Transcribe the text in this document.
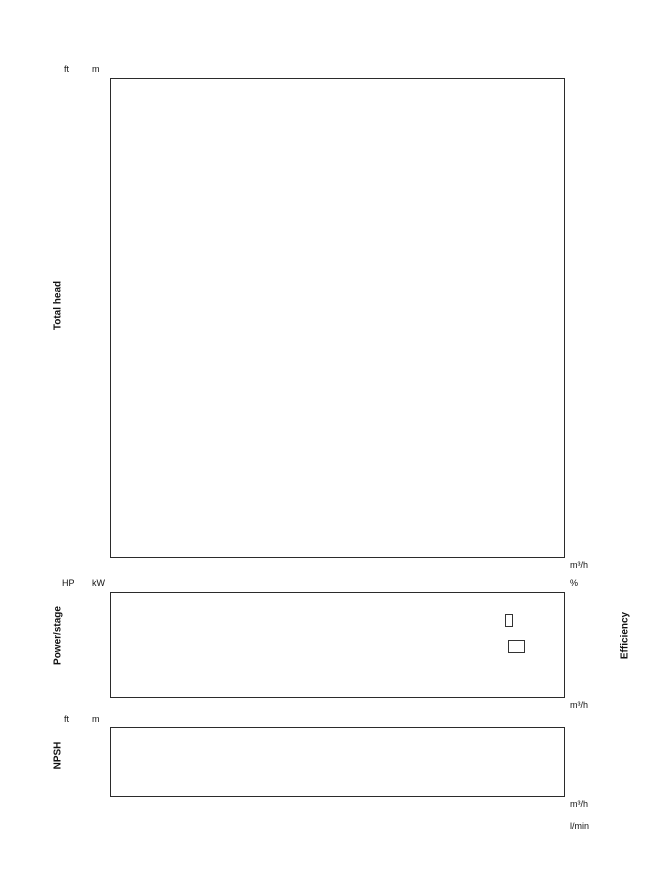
ft	m
Total head
m³/h
HP kW	%
Power/stage	Efficiency
m³/h
ft	m
NPSH
m³/h
l/min
